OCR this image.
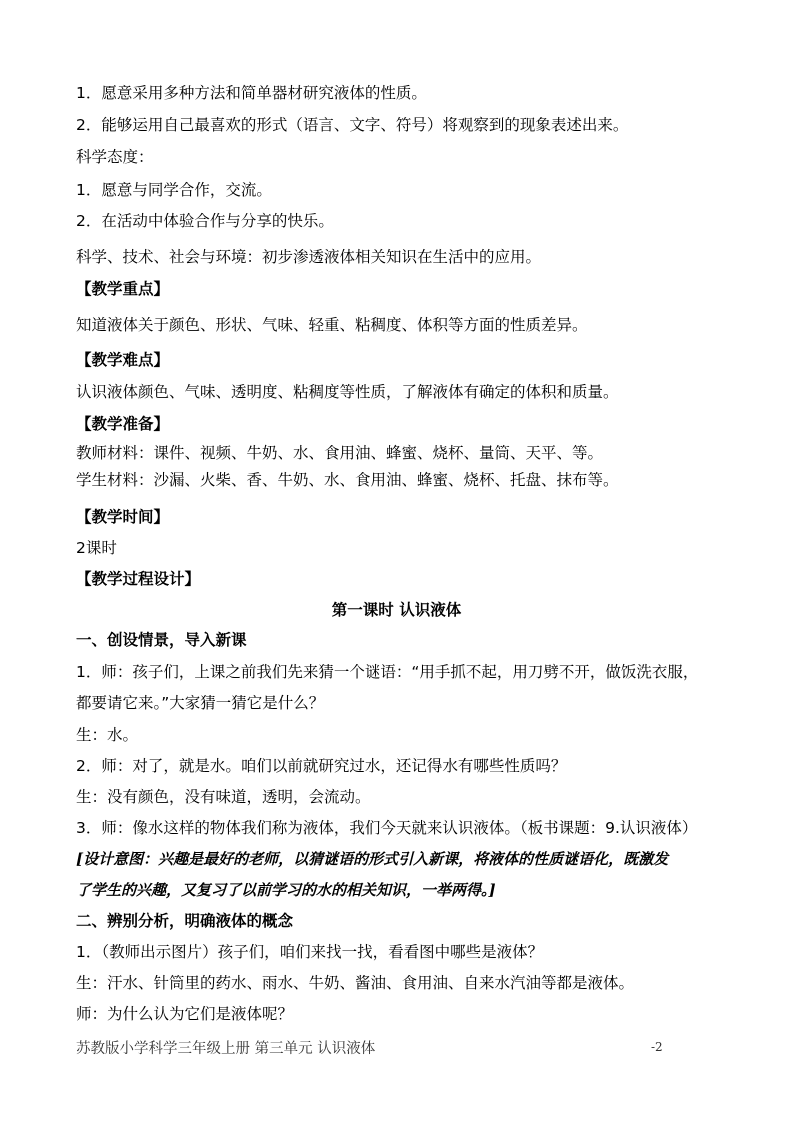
1．愿意采用多种方法和简单器材研究液体的性质。
2．能够运用自己最喜欢的形式（语言、文字、符号）将观察到的现象表述出来。
科学态度：
1．愿意与同学合作，交流。
2．在活动中体验合作与分享的快乐。
科学、技术、社会与环境：初步渗透液体相关知识在生活中的应用。
【教学重点】
知道液体关于颜色、形状、气味、轻重、粘稠度、体积等方面的性质差异。
【教学难点】
认识液体颜色、气味、透明度、粘稠度等性质，了解液体有确定的体积和质量。
【教学准备】
教师材料：课件、视频、牛奶、水、食用油、蜂蜜、烧杯、量筒、天平、等。
学生材料：沙漏、火柴、香、牛奶、水、食用油、蜂蜜、烧杯、托盘、抹布等。
【教学时间】
2课时
【教学过程设计】
第一课时 认识液体
一、创设情景，导入新课
1．师：孩子们，上课之前我们先来猜一个谜语：“用手抓不起，用刀劈不开，做饭洗衣服，
都要请它来。”大家猜一猜它是什么？
生：水。
2．师：对了，就是水。咱们以前就研究过水，还记得水有哪些性质吗？
生：没有颜色，没有味道，透明，会流动。
3．师：像水这样的物体我们称为液体，我们今天就来认识液体。（板书课题：9.认识液体）
[设计意图：兴趣是最好的老师，以猜谜语的形式引入新课，将液体的性质谜语化，既激发
了学生的兴趣，又复习了以前学习的水的相关知识，一举两得。]
二、辨别分析，明确液体的概念
1．（教师出示图片）孩子们，咱们来找一找，看看图中哪些是液体？
生：汗水、针筒里的药水、雨水、牛奶、酱油、食用油、自来水汽油等都是液体。
师：为什么认为它们是液体呢？
苏教版小学科学三年级上册 第三单元 认识液体	-2
